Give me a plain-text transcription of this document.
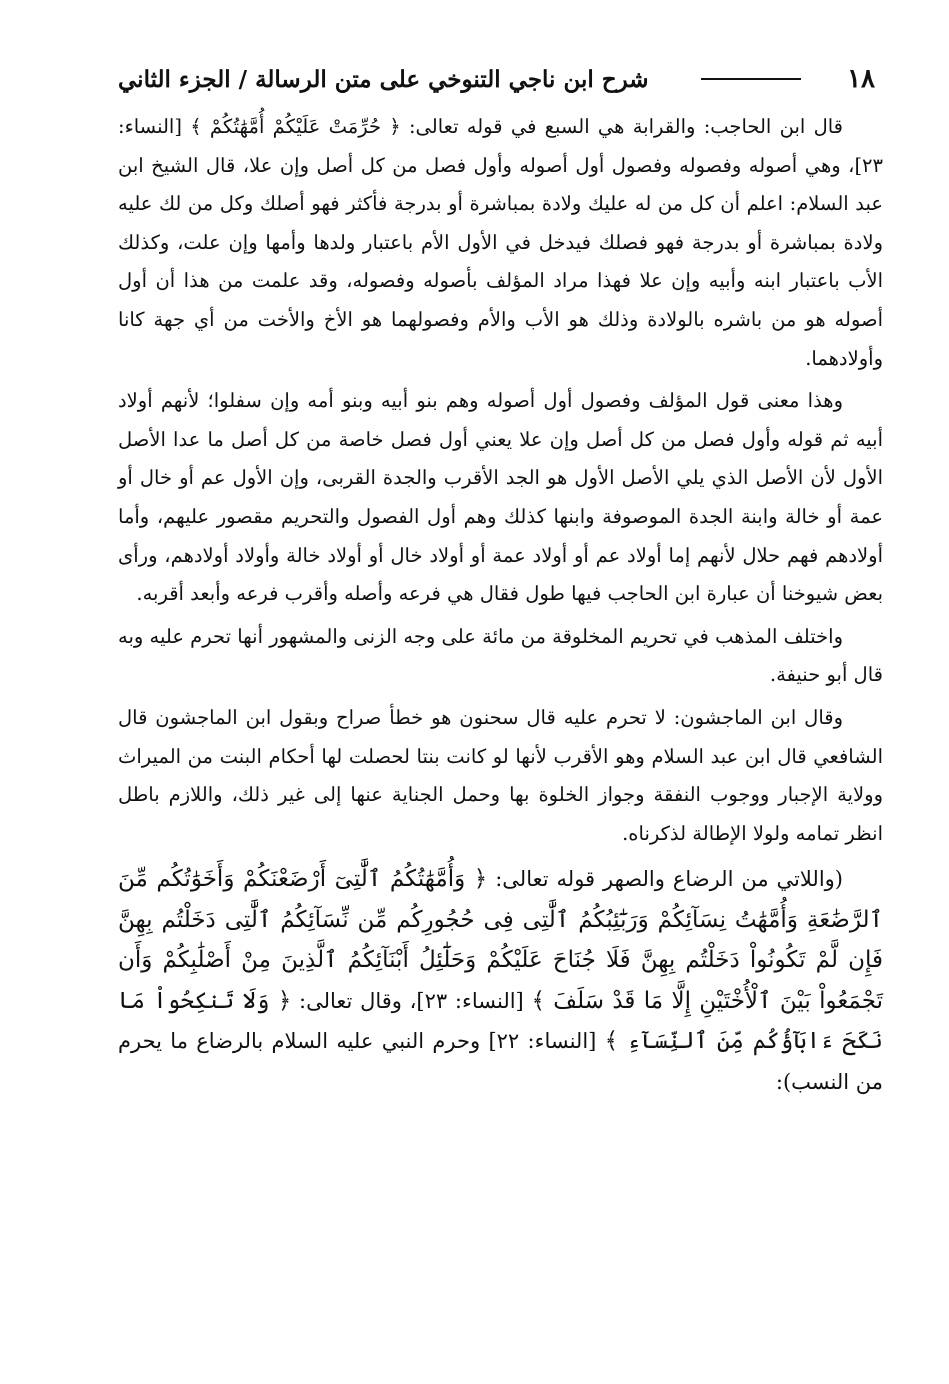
١٨
شرح ابن ناجي التنوخي على متن الرسالة / الجزء الثاني

قال ابن الحاجب: والقرابة هي السبع في قوله تعالى: ﴿ حُرِّمَتْ عَلَيْكُمْ أُمَّهَٰتُكُمْ ﴾ [النساء: ٢٣]، وهي أصوله وفصوله وفصول أول أصوله وأول فصل من كل أصل وإن علا، قال الشيخ ابن عبد السلام: اعلم أن كل من له عليك ولادة بمباشرة أو بدرجة فأكثر فهو أصلك وكل من لك عليه ولادة بمباشرة أو بدرجة فهو فصلك فيدخل في الأول الأم باعتبار ولدها وأمها وإن علت، وكذلك الأب باعتبار ابنه وأبيه وإن علا فهذا مراد المؤلف بأصوله وفصوله، وقد علمت من هذا أن أول أصوله هو من باشره بالولادة وذلك هو الأب والأم وفصولهما هو الأخ والأخت من أي جهة كانا وأولادهما.

وهذا معنى قول المؤلف وفصول أول أصوله وهم بنو أبيه وبنو أمه وإن سفلوا؛ لأنهم أولاد أبيه ثم قوله وأول فصل من كل أصل وإن علا يعني أول فصل خاصة من كل أصل ما عدا الأصل الأول لأن الأصل الذي يلي الأصل الأول هو الجد الأقرب والجدة القربى، وإن الأول عم أو خال أو عمة أو خالة وابنة الجدة الموصوفة وابنها كذلك وهم أول الفصول والتحريم مقصور عليهم، وأما أولادهم فهم حلال لأنهم إما أولاد عم أو أولاد عمة أو أولاد خال أو أولاد خالة وأولاد أولادهم، ورأى بعض شيوخنا أن عبارة ابن الحاجب فيها طول فقال هي فرعه وأصله وأقرب فرعه وأبعد أقربه.

واختلف المذهب في تحريم المخلوقة من مائة على وجه الزنى والمشهور أنها تحرم عليه وبه قال أبو حنيفة.

وقال ابن الماجشون: لا تحرم عليه قال سحنون هو خطأ صراح وبقول ابن الماجشون قال الشافعي قال ابن عبد السلام وهو الأقرب لأنها لو كانت بنتا لحصلت لها أحكام البنت من الميراث وولاية الإجبار ووجوب النفقة وجواز الخلوة بها وحمل الجناية عنها إلى غير ذلك، واللازم باطل انظر تمامه ولولا الإطالة لذكرناه.

(واللاتي من الرضاع والصهر قوله تعالى: ﴿ وَأُمَّهَٰتُكُمُ ٱلَّٰتِىٓ أَرْضَعْنَكُمْ وَأَخَوَٰتُكُم مِّنَ ٱلرَّضَٰعَةِ وَأُمَّهَٰتُ نِسَآئِكُمْ وَرَبَٰٓئِبُكُمُ ٱلَّٰتِى فِى حُجُورِكُم مِّن نِّسَآئِكُمُ ٱلَّٰتِى دَخَلْتُم بِهِنَّ فَإِن لَّمْ تَكُونُواْ دَخَلْتُم بِهِنَّ فَلَا جُنَاحَ عَلَيْكُمْ وَحَلَٰٓئِلُ أَبْنَآئِكُمُ ٱلَّذِينَ مِنْ أَصْلَٰبِكُمْ وَأَن تَجْمَعُواْ بَيْنَ ٱلْأُخْتَيْنِ إِلَّا مَا قَدْ سَلَفَ ﴾ [النساء: ٢٣]، وقال تعالى: ﴿ وَلَا تَنكِحُواْ مَا نَكَحَ ءَابَآؤُكُم مِّنَ ٱلنِّسَآءِ ﴾ [النساء: ٢٢] وحرم النبي عليه السلام بالرضاع ما يحرم من النسب):
